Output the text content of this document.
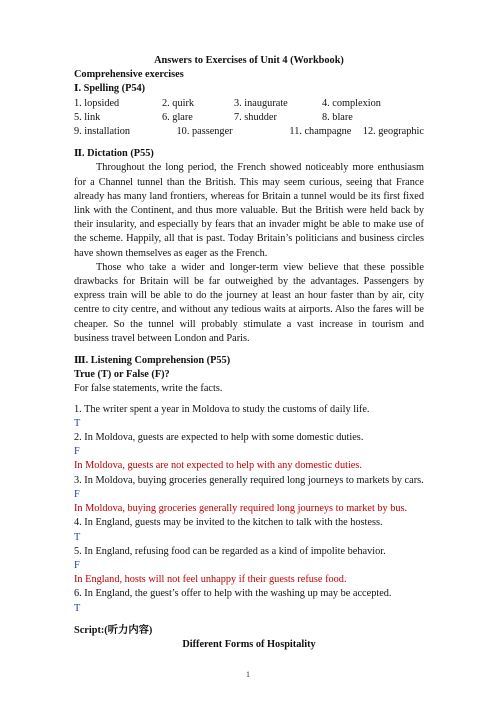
Answers to Exercises of Unit 4 (Workbook)
Comprehensive exercises
Ⅰ. Spelling (P54)
1. lopsided	2. quirk	3. inaugurate	4. complexion
5. link	6. glare	7. shudder	8. blare
9. installation	10. passenger	11. champagne	12. geographic
Ⅱ. Dictation (P55)

Throughout the long period, the French showed noticeably more enthusiasm for a Channel tunnel than the British. This may seem curious, seeing that France already has many land frontiers, whereas for Britain a tunnel would be its first fixed link with the Continent, and thus more valuable. But the British were held back by their insularity, and especially by fears that an invader might be able to make use of the scheme. Happily, all that is past. Today Britain’s politicians and business circles have shown themselves as eager as the French.

Those who take a wider and longer-term view believe that these possible drawbacks for Britain will be far outweighed by the advantages. Passengers by express train will be able to do the journey at least an hour faster than by air, city centre to city centre, and without any tedious waits at airports. Also the fares will be cheaper. So the tunnel will probably stimulate a vast increase in tourism and business travel between London and Paris.

Ⅲ. Listening Comprehension (P55)
True (T) or False (F)?
For false statements, write the facts.
1. The writer spent a year in Moldova to study the customs of daily life.
T
2. In Moldova, guests are expected to help with some domestic duties.
F
In Moldova, guests are not expected to help with any domestic duties.
3. In Moldova, buying groceries generally required long journeys to markets by cars.
F
In Moldova, buying groceries generally required long journeys to market by bus.
4. In England, guests may be invited to the kitchen to talk with the hostess.
T
5. In England, refusing food can be regarded as a kind of impolite behavior.
F
In England, hosts will not feel unhappy if their guests refuse food.
6. In England, the guest’s offer to help with the washing up may be accepted.
T
Script:(听力内容)
Different Forms of Hospitality
1
